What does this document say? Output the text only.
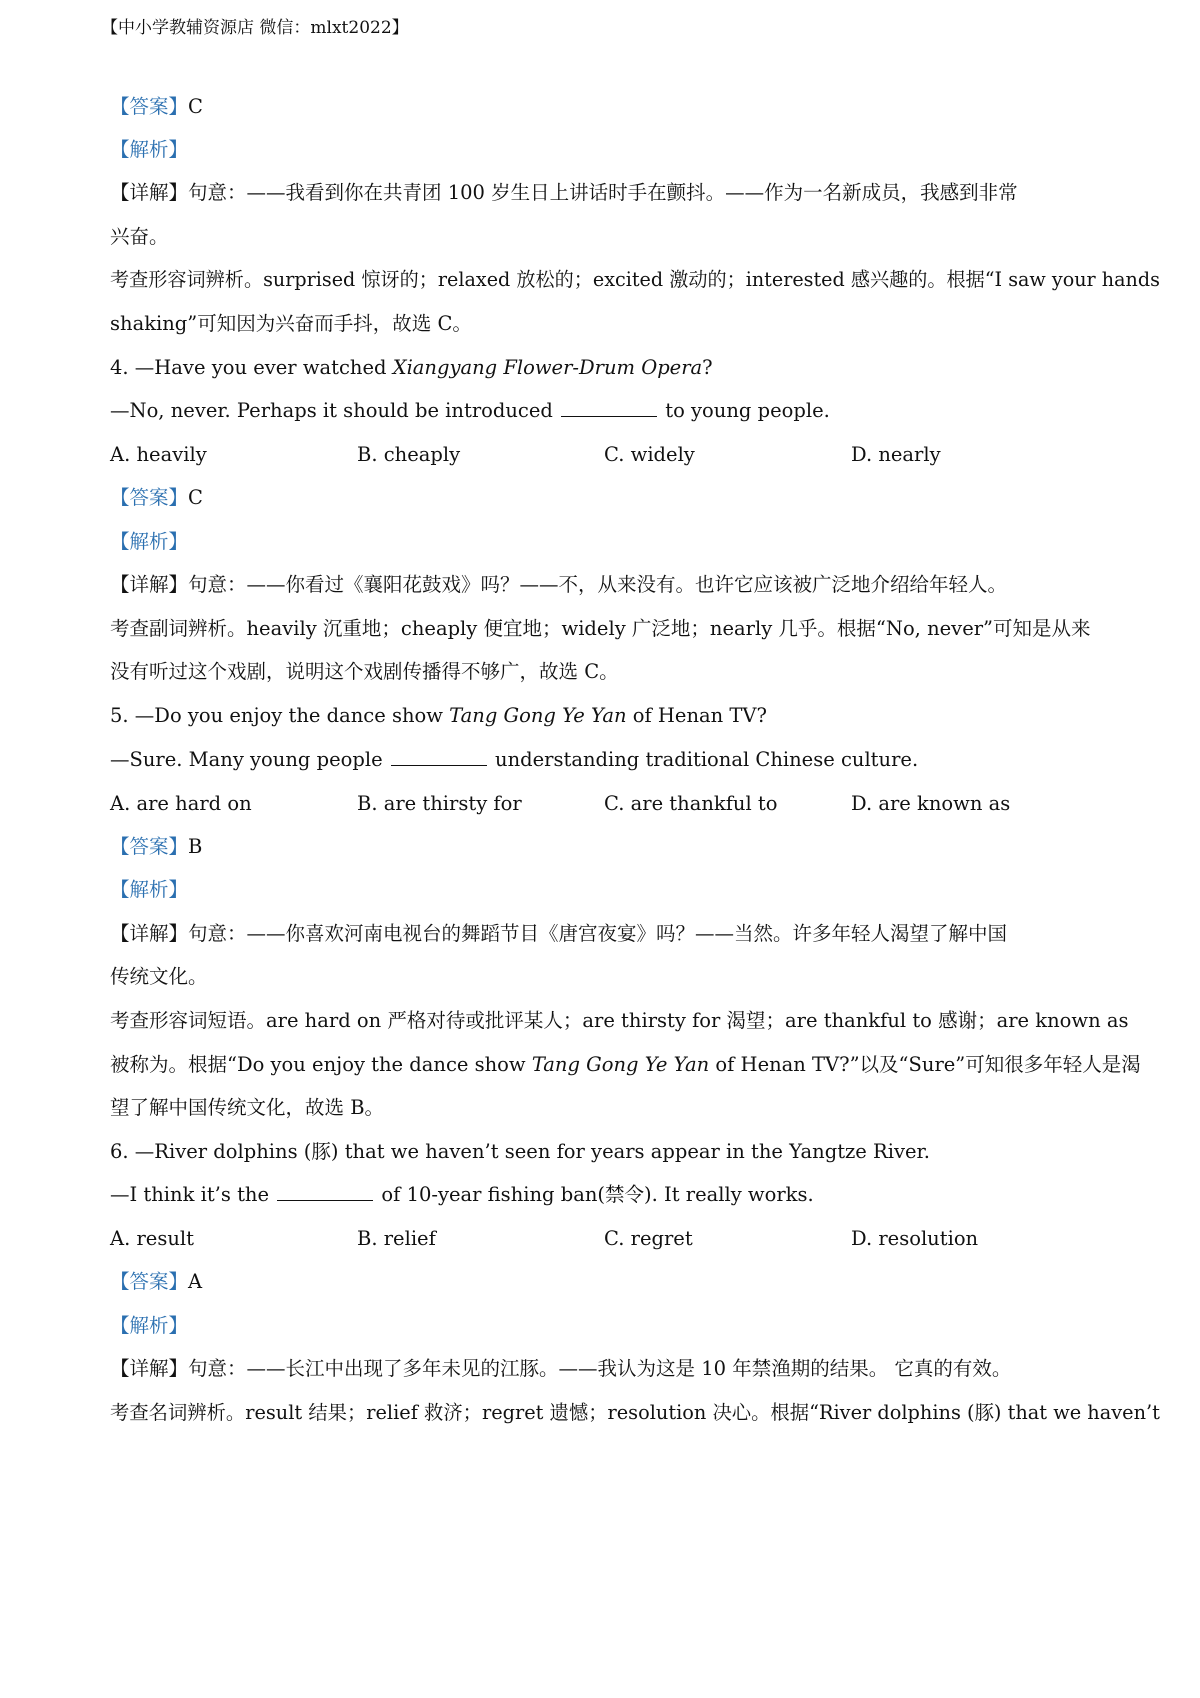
【中小学教辅资源店 微信：mlxt2022】
【答案】C
【解析】
【详解】句意：——我看到你在共青团 100 岁生日上讲话时手在颤抖。——作为一名新成员，我感到非常
兴奋。
考查形容词辨析。surprised 惊讶的；relaxed 放松的；excited 激动的；interested 感兴趣的。根据“I saw your hands
shaking”可知因为兴奋而手抖，故选 C。
4. —Have you ever watched Xiangyang Flower-Drum Opera?
—No, never. Perhaps it should be introduced	to young people.
A. heavily	B. cheaply	C. widely	D. nearly
【答案】C
【解析】
【详解】句意：——你看过《襄阳花鼓戏》吗？——不，从来没有。也许它应该被广泛地介绍给年轻人。
考查副词辨析。heavily 沉重地；cheaply 便宜地；widely 广泛地；nearly 几乎。根据“No, never”可知是从来
没有听过这个戏剧，说明这个戏剧传播得不够广，故选 C。
5. —Do you enjoy the dance show Tang Gong Ye Yan of Henan TV?
—Sure. Many young people	understanding traditional Chinese culture.
A. are hard on	B. are thirsty for	C. are thankful to	D. are known as
【答案】B
【解析】
【详解】句意：——你喜欢河南电视台的舞蹈节目《唐宫夜宴》吗？——当然。许多年轻人渴望了解中国
传统文化。
考查形容词短语。are hard on 严格对待或批评某人；are thirsty for 渴望；are thankful to 感谢；are known as
被称为。根据“Do you enjoy the dance show Tang Gong Ye Yan of Henan TV?”以及“Sure”可知很多年轻人是渴
望了解中国传统文化，故选 B。
6. —River dolphins (豚) that we haven’t seen for years appear in the Yangtze River.
—I think it’s the	of 10-year fishing ban(禁令). It really works.
A. result	B. relief	C. regret	D. resolution
【答案】A
【解析】
【详解】句意：——长江中出现了多年未见的江豚。——我认为这是 10 年禁渔期的结果。 它真的有效。
考查名词辨析。result 结果；relief 救济；regret 遗憾；resolution 决心。根据“River dolphins (豚) that we haven’t
